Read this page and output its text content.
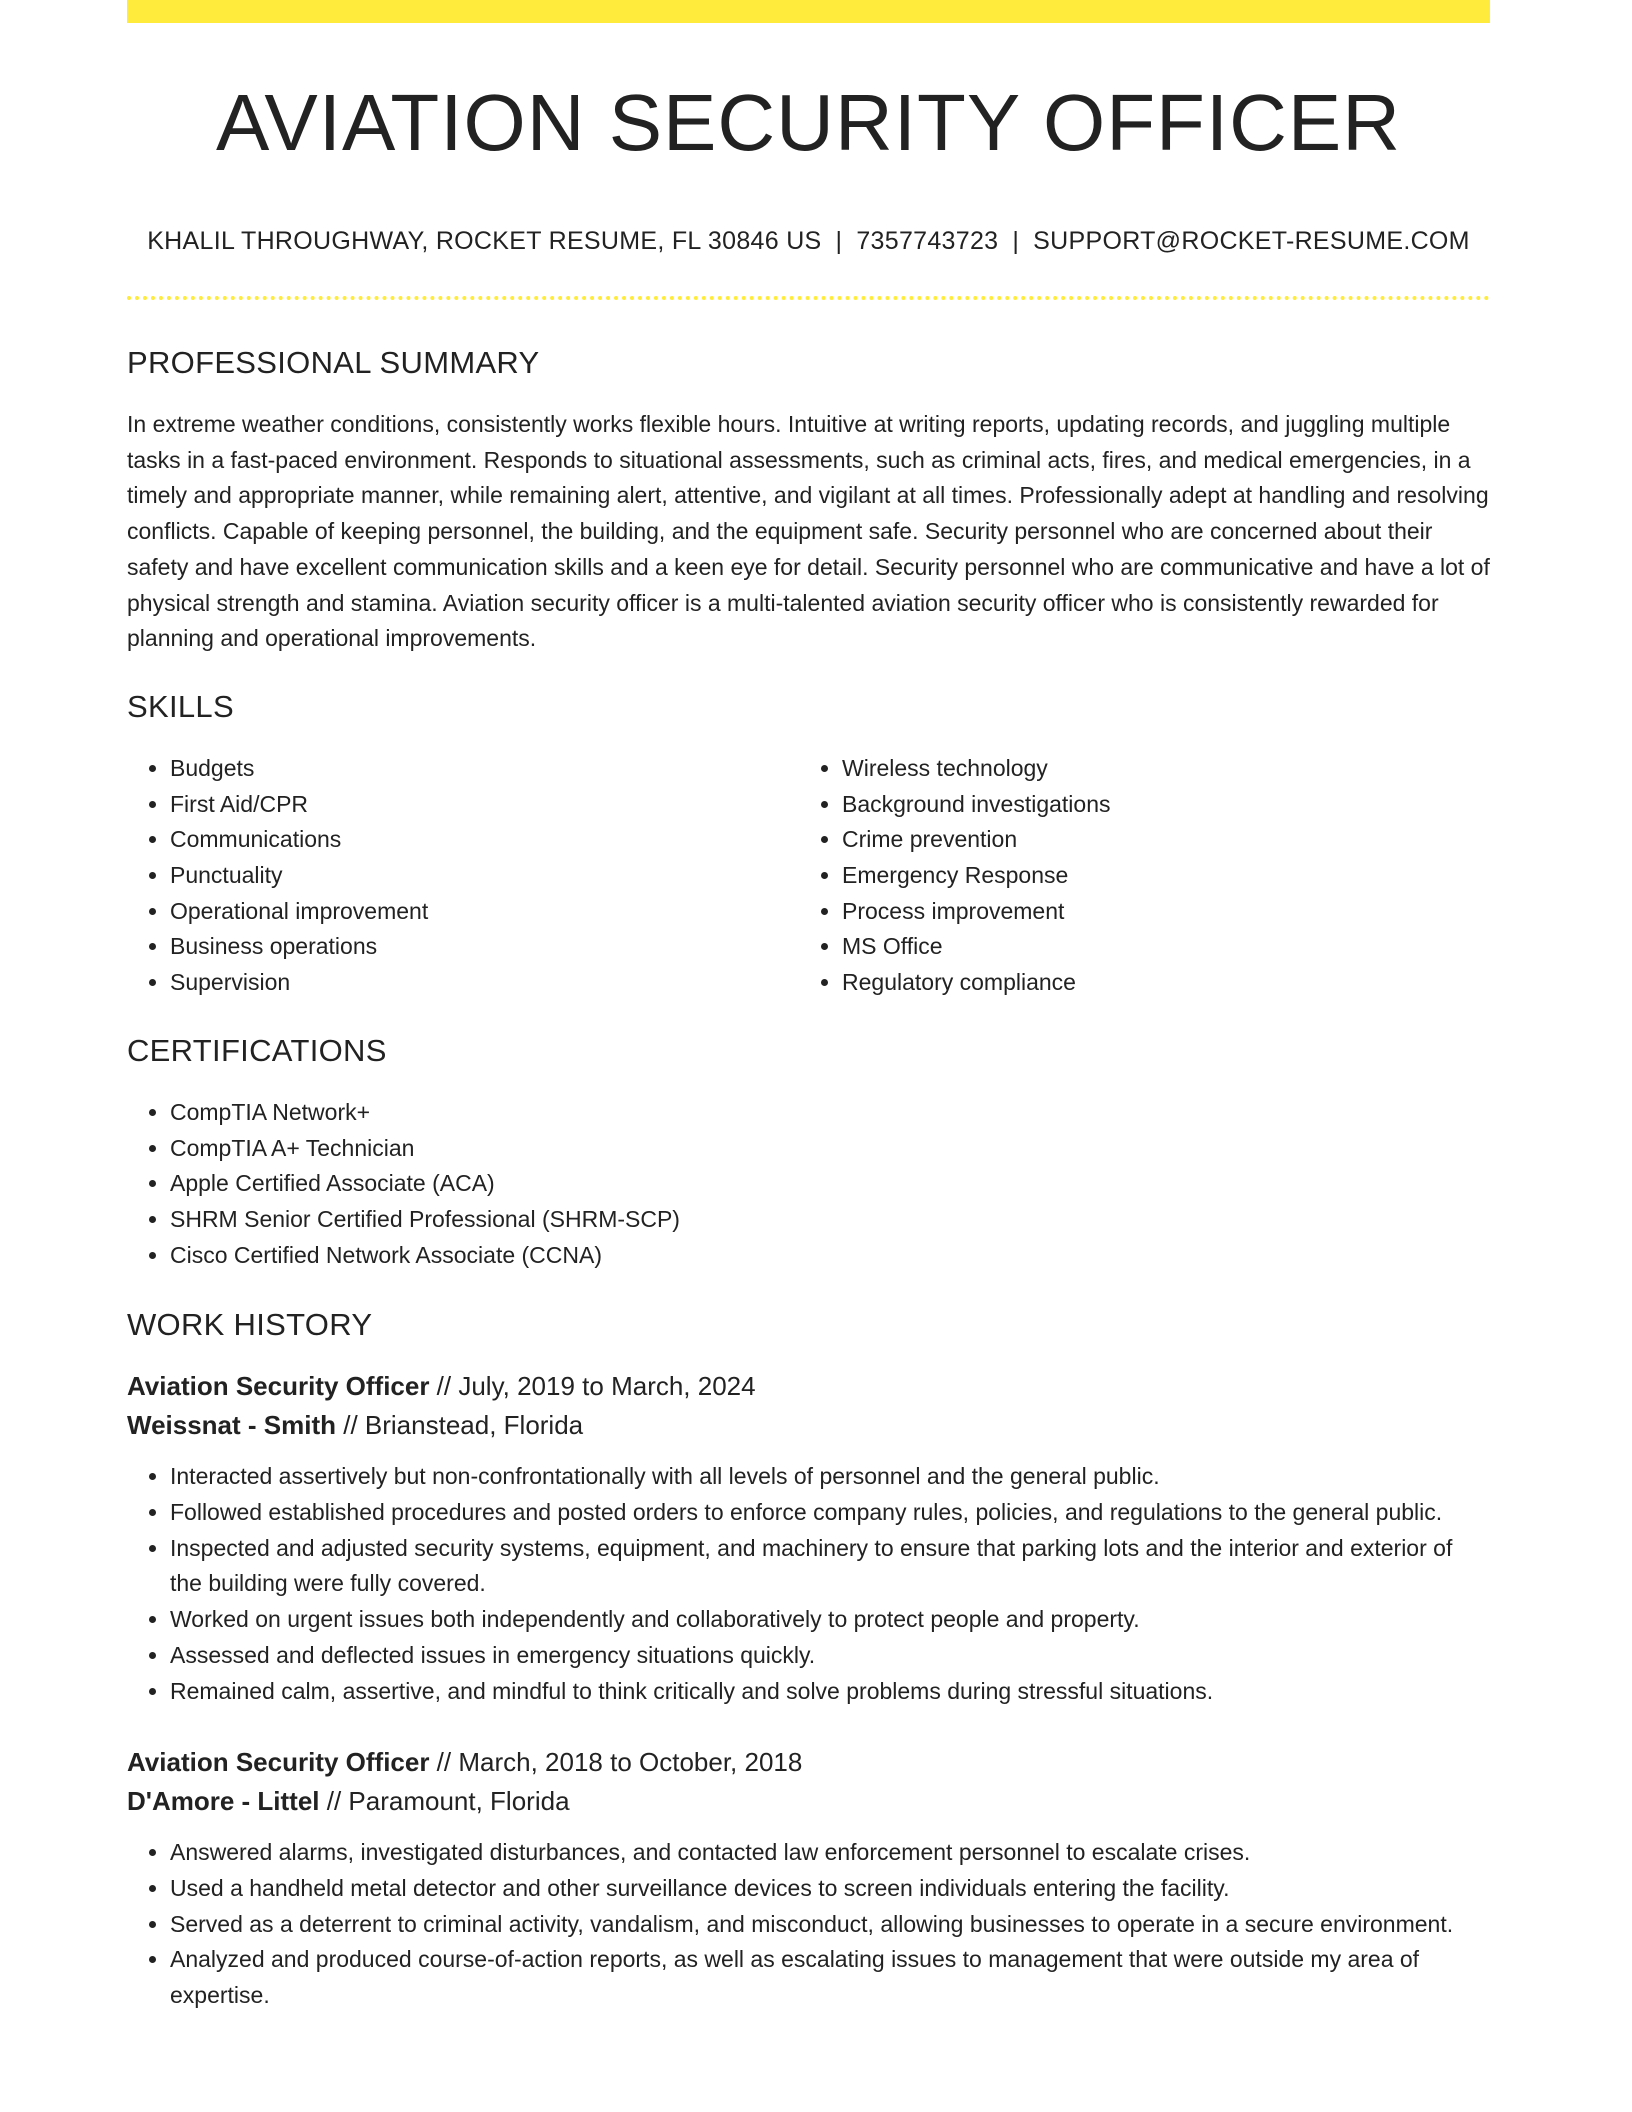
AVIATION SECURITY OFFICER
KHALIL THROUGHWAY, ROCKET RESUME, FL 30846 US | 7357743723 | SUPPORT@ROCKET-RESUME.COM
PROFESSIONAL SUMMARY

In extreme weather conditions, consistently works flexible hours. Intuitive at writing reports, updating records, and juggling multiple tasks in a fast-paced environment. Responds to situational assessments, such as criminal acts, fires, and medical emergencies, in a timely and appropriate manner, while remaining alert, attentive, and vigilant at all times. Professionally adept at handling and resolving conflicts. Capable of keeping personnel, the building, and the equipment safe. Security personnel who are concerned about their safety and have excellent communication skills and a keen eye for detail. Security personnel who are communicative and have a lot of physical strength and stamina. Aviation security officer is a multi-talented aviation security officer who is consistently rewarded for planning and operational improvements.

SKILLS
• Budgets
• First Aid/CPR
• Communications
• Punctuality
• Operational improvement
• Business operations
• Supervision
• Wireless technology
• Background investigations
• Crime prevention
• Emergency Response
• Process improvement
• MS Office
• Regulatory compliance
CERTIFICATIONS
• CompTIA Network+
• CompTIA A+ Technician
• Apple Certified Associate (ACA)
• SHRM Senior Certified Professional (SHRM-SCP)
• Cisco Certified Network Associate (CCNA)
WORK HISTORY
Aviation Security Officer // July, 2019 to March, 2024
Weissnat - Smith // Brianstead, Florida
• Interacted assertively but non-confrontationally with all levels of personnel and the general public.
• Followed established procedures and posted orders to enforce company rules, policies, and regulations to the general public.
• Inspected and adjusted security systems, equipment, and machinery to ensure that parking lots and the interior and exterior of the building were fully covered.
• Worked on urgent issues both independently and collaboratively to protect people and property.
• Assessed and deflected issues in emergency situations quickly.
• Remained calm, assertive, and mindful to think critically and solve problems during stressful situations.
Aviation Security Officer // March, 2018 to October, 2018
D'Amore - Littel // Paramount, Florida
• Answered alarms, investigated disturbances, and contacted law enforcement personnel to escalate crises.
• Used a handheld metal detector and other surveillance devices to screen individuals entering the facility.
• Served as a deterrent to criminal activity, vandalism, and misconduct, allowing businesses to operate in a secure environment.
• Analyzed and produced course-of-action reports, as well as escalating issues to management that were outside my area of expertise.
